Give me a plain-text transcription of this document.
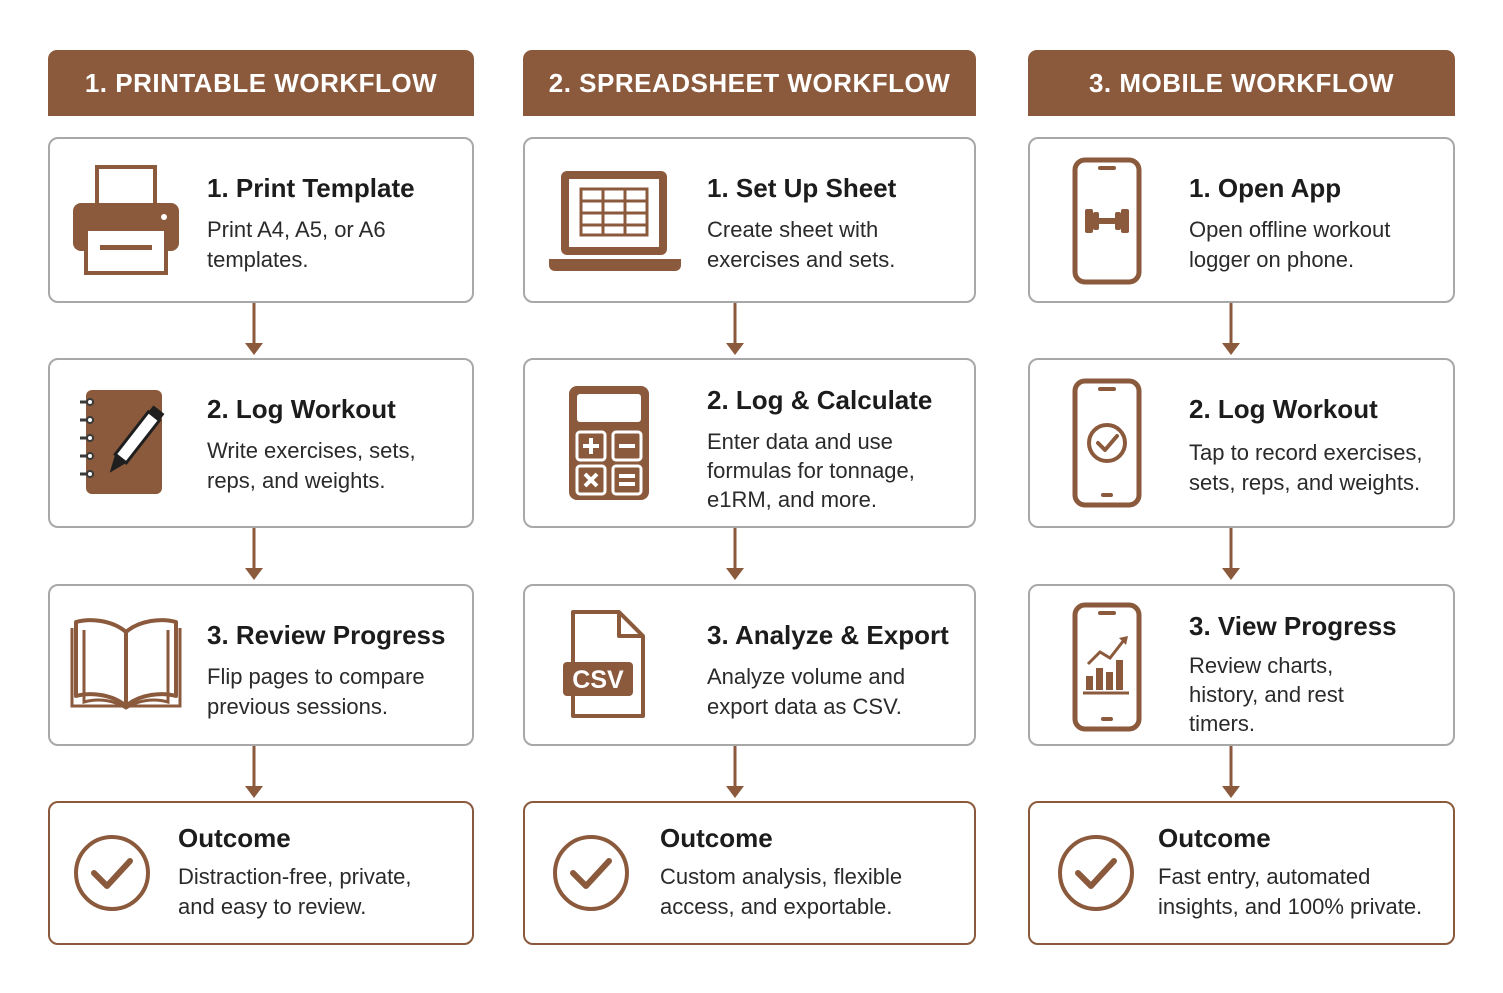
1. PRINTABLE WORKFLOW
1. Print Template
Print A4, A5, or A6
templates.
2. Log Workout
Write exercises, sets,
reps, and weights.
3. Review Progress
Flip pages to compare
previous sessions.
Outcome
Distraction-free, private,
and easy to review.
2. SPREADSHEET WORKFLOW
1. Set Up Sheet
Create sheet with
exercises and sets.
2. Log & Calculate
Enter data and use
formulas for tonnage,
e1RM, and more.
CSV
3. Analyze & Export
Analyze volume and
export data as CSV.
Outcome
Custom analysis, flexible
access, and exportable.
3. MOBILE WORKFLOW
1. Open App
Open offline workout
logger on phone.
2. Log Workout
Tap to record exercises,
sets, reps, and weights.
3. View Progress
Review charts,
history, and rest
timers.
Outcome
Fast entry, automated
insights, and 100% private.
